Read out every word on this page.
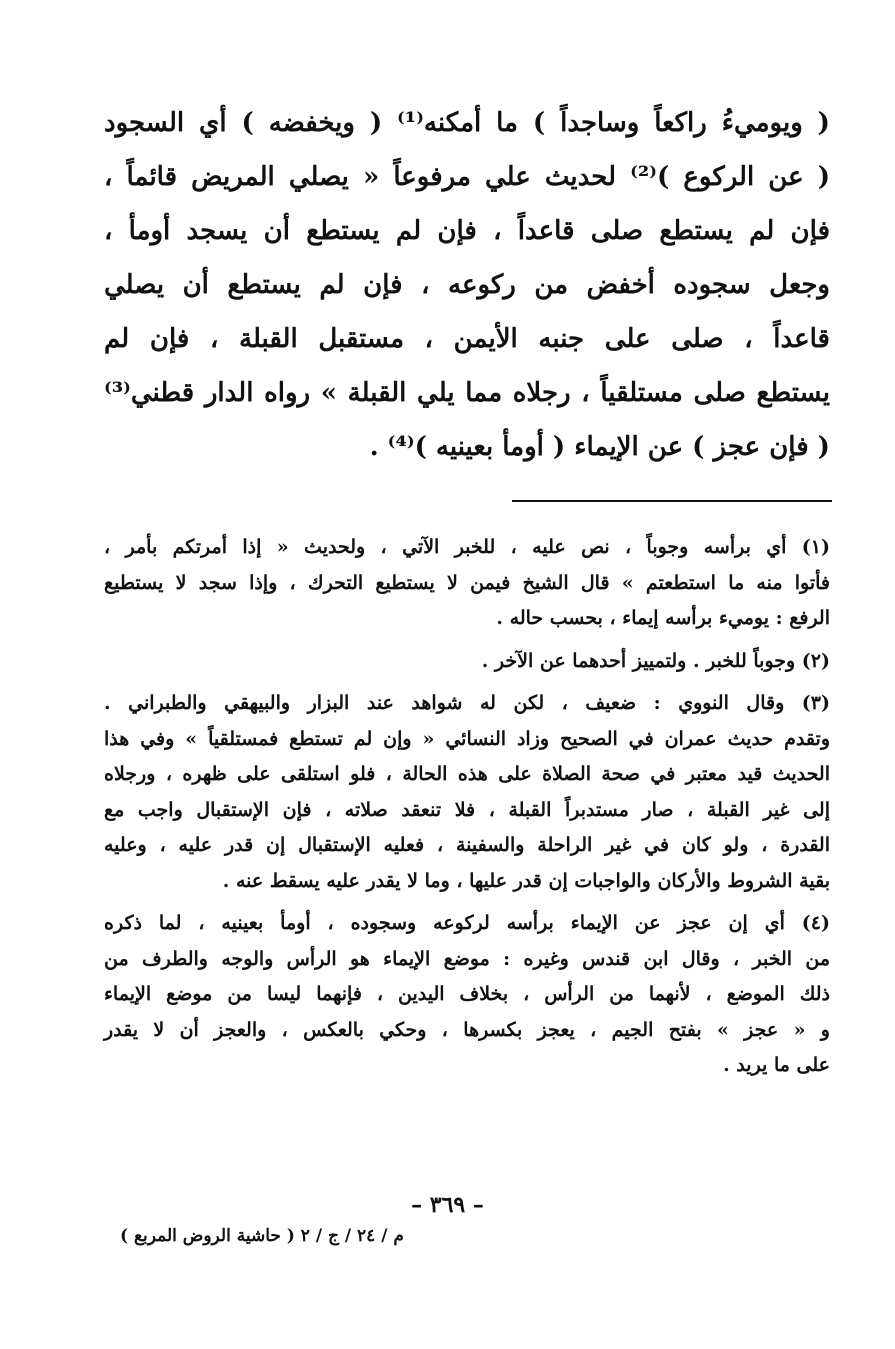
( ويوميءُ راكعاً وساجداً ) ما أمكنه⁽¹⁾ ( ويخفضه ) أي السجود
( عن الركوع )⁽²⁾ لحديث علي مرفوعاً « يصلي المريض قائماً ،
فإن لم يستطع صلى قاعداً ، فإن لم يستطع أن يسجد أومأ ،
وجعل سجوده أخفض من ركوعه ، فإن لم يستطع أن يصلي
قاعداً ، صلى على جنبه الأيمن ، مستقبل القبلة ، فإن لم
يستطع صلى مستلقياً ، رجلاه مما يلي القبلة » رواه الدار قطني⁽³⁾
( فإن عجز ) عن الإيماء ( أومأ بعينيه )⁽⁴⁾ .
(١) أي برأسه وجوباً ، نص عليه ، للخبر الآتي ، ولحديث « إذا أمرتكم بأمر ،
فأتوا منه ما استطعتم » قال الشيخ فيمن لا يستطيع التحرك ، وإذا سجد لا يستطيع
الرفع : يوميء برأسه إيماء ، بحسب حاله .
(٢) وجوباً للخبر . ولتمييز أحدهما عن الآخر .
(٣) وقال النووي : ضعيف ، لكن له شواهد عند البزار والبيهقي والطبراني .
وتقدم حديث عمران في الصحيح وزاد النسائي « وإن لم تستطع فمستلقياً » وفي هذا
الحديث قيد معتبر في صحة الصلاة على هذه الحالة ، فلو استلقى على ظهره ، ورجلاه
إلى غير القبلة ، صار مستدبراً القبلة ، فلا تنعقد صلاته ، فإن الإستقبال واجب مع
القدرة ، ولو كان في غير الراحلة والسفينة ، فعليه الإستقبال إن قدر عليه ، وعليه
بقية الشروط والأركان والواجبات إن قدر عليها ، وما لا يقدر عليه يسقط عنه .
(٤) أي إن عجز عن الإيماء برأسه لركوعه وسجوده ، أومأ بعينيه ، لما ذكره
من الخبر ، وقال ابن قندس وغيره : موضع الإيماء هو الرأس والوجه والطرف من
ذلك الموضع ، لأنهما من الرأس ، بخلاف اليدين ، فإنهما ليسا من موضع الإيماء
و « عجز » بفتح الجيم ، يعجز بكسرها ، وحكي بالعكس ، والعجز أن لا يقدر
على ما يريد .
– ٣٦٩ –
م / ٢٤ / ج / ٢ ( حاشية الروض المربع )
